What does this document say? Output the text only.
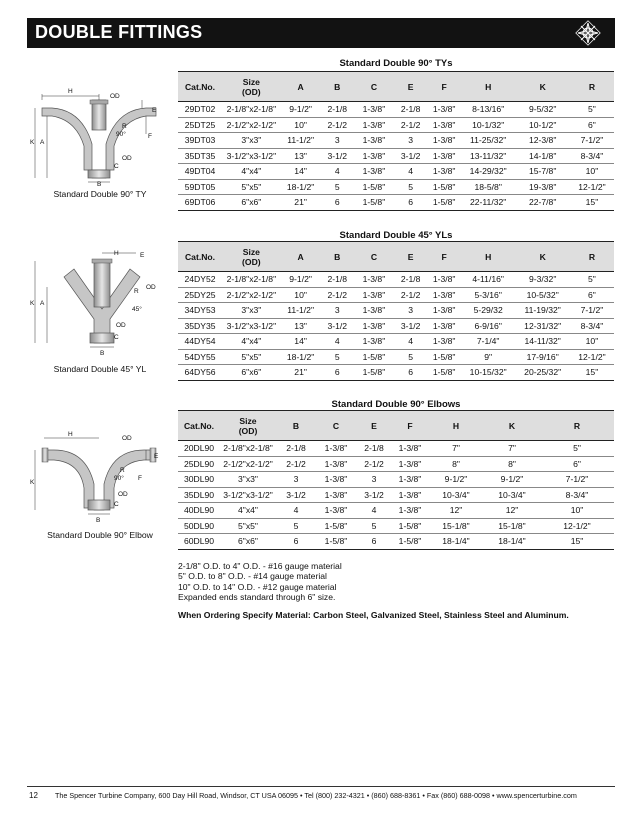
DOUBLE FITTINGS
Standard Double 90° TYs
Standard Double 45° YLs
Standard Double 90° Elbows
Cat.No.	Size
(OD)	A	B	C	E	F	H	K	R
29DT02	2-1/8"x2-1/8"	9-1/2"	2-1/8	1-3/8"	2-1/8	1-3/8"	8-13/16"	9-5/32"	5"
25DT25	2-1/2"x2-1/2"	10"	2-1/2	1-3/8"	2-1/2	1-3/8"	10-1/32"	10-1/2"	6"
39DT03	3"x3"	11-1/2"	3	1-3/8"	3	1-3/8"	11-25/32"	12-3/8"	7-1/2"
35DT35	3-1/2"x3-1/2"	13"	3-1/2	1-3/8"	3-1/2	1-3/8"	13-11/32"	14-1/8"	8-3/4"
49DT04	4"x4"	14"	4	1-3/8"	4	1-3/8"	14-29/32"	15-7/8"	10"
59DT05	5"x5"	18-1/2"	5	1-5/8"	5	1-5/8"	18-5/8"	19-3/8"	12-1/2"
69DT06	6"x6"	21"	6	1-5/8"	6	1-5/8"	22-11/32"	22-7/8"	15"
Cat.No.	Size
(OD)	A	B	C	E	F	H	K	R
24DY52	2-1/8"x2-1/8"	9-1/2"	2-1/8	1-3/8"	2-1/8	1-3/8"	4-11/16"	9-3/32"	5"
25DY25	2-1/2"x2-1/2"	10"	2-1/2	1-3/8"	2-1/2	1-3/8"	5-3/16"	10-5/32"	6"
34DY53	3"x3"	11-1/2"	3	1-3/8"	3	1-3/8"	5-29/32	11-19/32"	7-1/2"
35DY35	3-1/2"x3-1/2"	13"	3-1/2	1-3/8"	3-1/2	1-3/8"	6-9/16"	12-31/32"	8-3/4"
44DY54	4"x4"	14"	4	1-3/8"	4	1-3/8"	7-1/4"	14-11/32"	10"
54DY55	5"x5"	18-1/2"	5	1-5/8"	5	1-5/8"	9"	17-9/16"	12-1/2"
64DY56	6"x6"	21"	6	1-5/8"	6	1-5/8"	10-15/32"	20-25/32"	15"
Cat.No.	Size
(OD)	B	C	E	F	H	K	R
20DL90	2-1/8"x2-1/8"	2-1/8	1-3/8"	2-1/8	1-3/8"	7"	7"	5"
25DL90	2-1/2"x2-1/2"	2-1/2	1-3/8"	2-1/2	1-3/8"	8"	8"	6"
30DL90	3"x3"	3	1-3/8"	3	1-3/8"	9-1/2"	9-1/2"	7-1/2"
35DL90	3-1/2"x3-1/2"	3-1/2	1-3/8"	3-1/2	1-3/8"	10-3/4"	10-3/4"	8-3/4"
40DL90	4"x4"	4	1-3/8"	4	1-3/8"	12"	12"	10"
50DL90	5"x5"	5	1-5/8"	5	1-5/8"	15-1/8"	15-1/8"	12-1/2"
60DL90	6"x6"	6	1-5/8"	6	1-5/8"	18-1/4"	18-1/4"	15"
H
OD
E
R
90°	F
K A
OD
C
B
Standard Double 90° TY
H	E
R
OD
45°
K A
OD
C
B
Standard Double 45° YL
H
OD
E
R
90° F
K
OD
C
B
Standard Double 90° Elbow
2-1/8" O.D. to 4" O.D. - #16 gauge material
5" O.D. to 8" O.D. - #14 gauge material
10" O.D. to 14" O.D. - #12 gauge material
Expanded ends standard through 6" size.
When Ordering Specify Material: Carbon Steel, Galvanized Steel, Stainless Steel and Aluminum.
12 The Spencer Turbine Company, 600 Day Hill Road, Windsor, CT USA 06095 • Tel (800) 232-4321 • (860) 688-8361 • Fax (860) 688-0098 • www.spencerturbine.com
